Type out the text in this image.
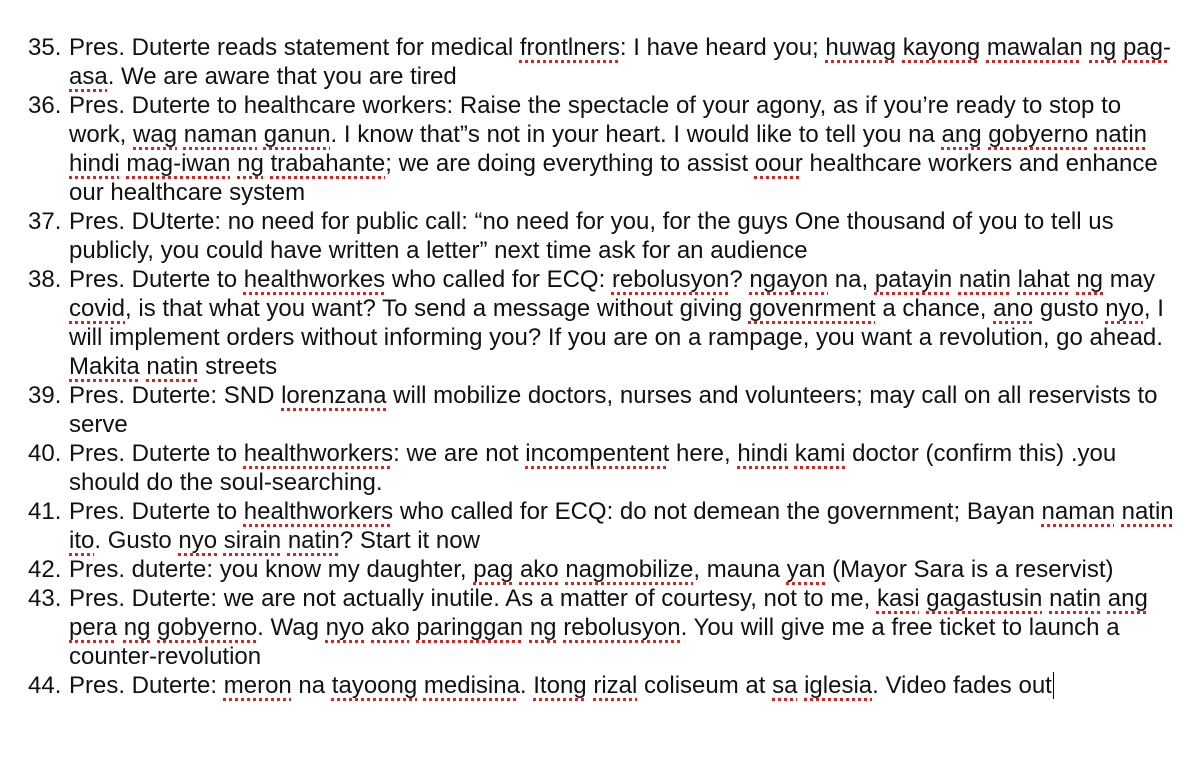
35. Pres. Duterte reads statement for medical frontlners: I have heard you; huwag kayong mawalan ng pag-asa. We are aware that you are tired
36. Pres. Duterte to healthcare workers: Raise the spectacle of your agony, as if you’re ready to stop to work, wag naman ganun. I know that”s not in your heart. I would like to tell you na ang gobyerno natin hindi mag-iwan ng trabahante; we are doing everything to assist oour healthcare workers and enhance our healthcare system
37. Pres. DUterte: no need for public call: “no need for you, for the guys One thousand of you to tell us publicly, you could have written a letter” next time ask for an audience
38. Pres. Duterte to healthworkes who called for ECQ: rebolusyon? ngayon na, patayin natin lahat ng may covid, is that what you want? To send a message without giving govenrment a chance, ano gusto nyo, I will implement orders without informing you? If you are on a rampage, you want a revolution, go ahead. Makita natin streets
39. Pres. Duterte: SND lorenzana will mobilize doctors, nurses and volunteers; may call on all reservists to serve
40. Pres. Duterte to healthworkers: we are not incompentent here, hindi kami doctor (confirm this) .you should do the soul-searching.
41. Pres. Duterte to healthworkers who called for ECQ: do not demean the government; Bayan naman natin ito. Gusto nyo sirain natin? Start it now
42. Pres. duterte: you know my daughter, pag ako nagmobilize, mauna yan (Mayor Sara is a reservist)
43. Pres. Duterte: we are not actually inutile. As a matter of courtesy, not to me, kasi gagastusin natin ang pera ng gobyerno. Wag nyo ako paringgan ng rebolusyon. You will give me a free ticket to launch a counter-revolution
44. Pres. Duterte: meron na tayoong medisina. Itong rizal coliseum at sa iglesia. Video fades out
